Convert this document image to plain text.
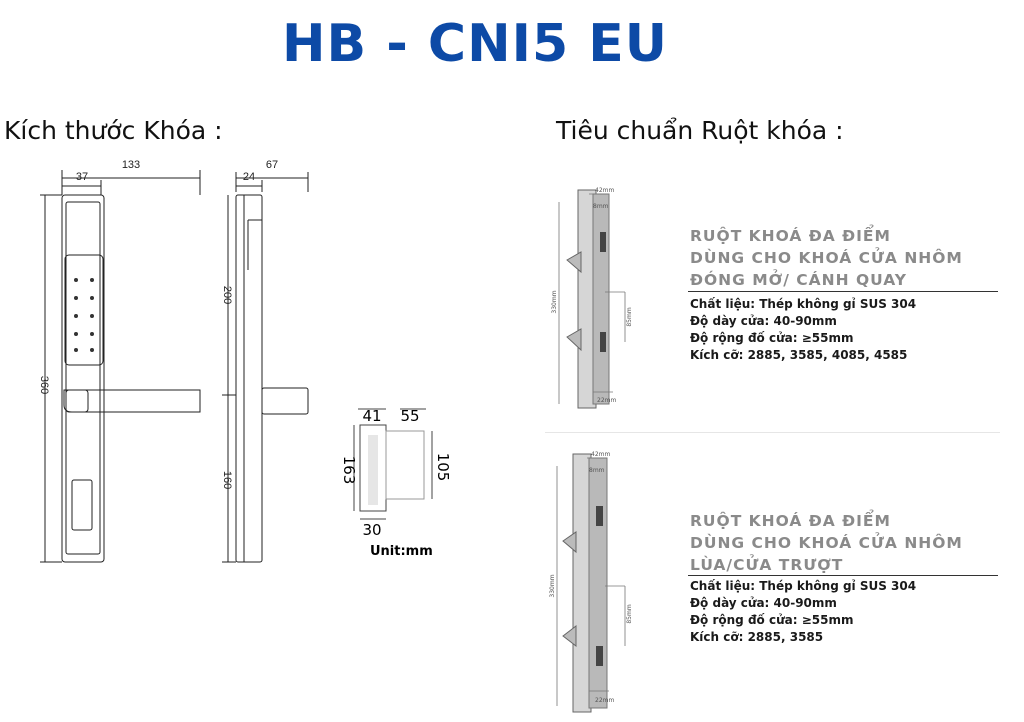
HB - CNI5 EU
Kích thước Khóa :	Tiêu chuẩn Ruột khóa :
133
37
67
24
360
200
160
41 55
163	105
30
Unit:mm
330mm
42mm
8mm
85mm
22mm
330mm
42mm
8mm
85mm
22mm
RUỘT KHOÁ ĐA ĐIỂM
DÙNG CHO KHOÁ CỬA NHÔM
ĐÓNG MỞ/ CÁNH QUAY
Chất liệu: Thép không gỉ SUS 304
Độ dày cửa: 40-90mm
Độ rộng đố cửa: ≥55mm
Kích cỡ: 2885, 3585, 4085, 4585
RUỘT KHOÁ ĐA ĐIỂM
DÙNG CHO KHOÁ CỬA NHÔM
LÙA/CỬA TRƯỢT
Chất liệu: Thép không gỉ SUS 304
Độ dày cửa: 40-90mm
Độ rộng đố cửa: ≥55mm
Kích cỡ: 2885, 3585
